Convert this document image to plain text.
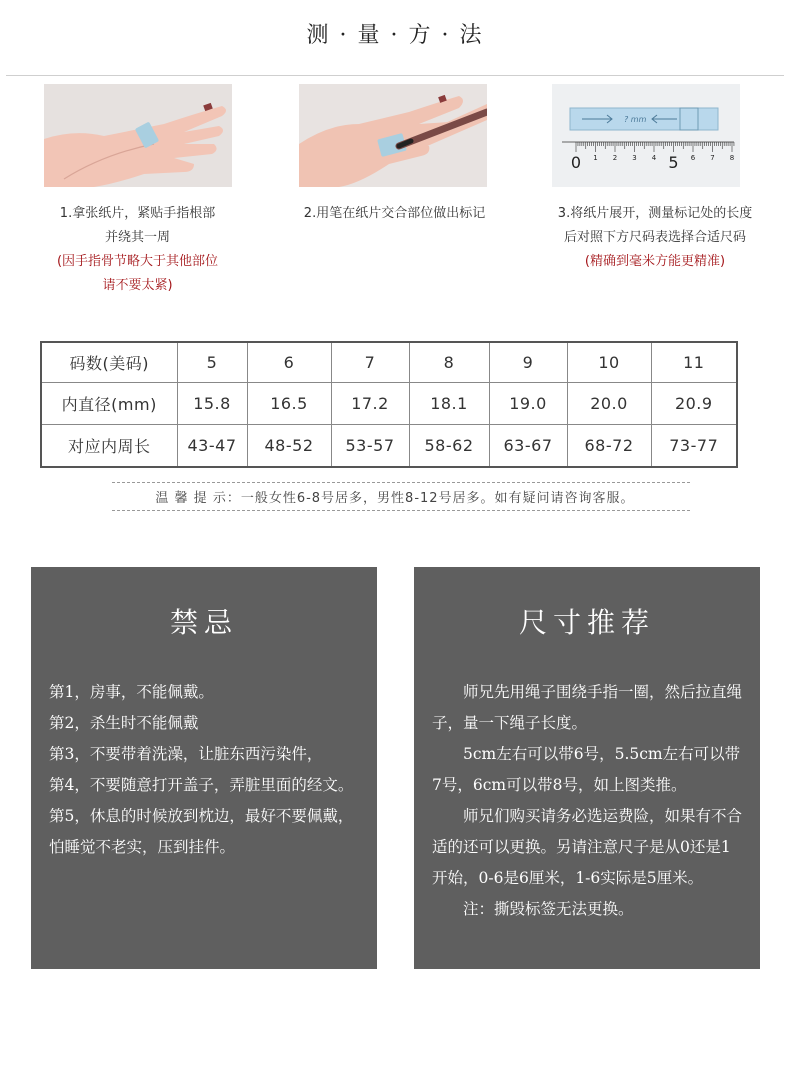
测 · 量 · 方 · 法
? mm
0 1 2 3 4 5 6 7 8
1.拿张纸片，紧贴手指根部
并绕其一周
(因手指骨节略大于其他部位
请不要太紧)
2.用笔在纸片交合部位做出标记	3.将纸片展开，测量标记处的长度
后对照下方尺码表选择合适尺码
(精确到毫米方能更精准)
码数(美码)	5	6	7	8	9	10	11
内直径(mm)	15.8	16.5	17.2	18.1	19.0	20.0	20.9
对应内周长	43-47	48-52	53-57	58-62	63-67	68-72	73-77
温 馨 提 示：一般女性6-8号居多，男性8-12号居多。如有疑问请咨询客服。
禁忌

第1，房事，不能佩戴。

第2，杀生时不能佩戴

第3，不要带着洗澡，让脏东西污染件，

第4，不要随意打开盖子，弄脏里面的经文。

第5，休息的时候放到枕边，最好不要佩戴，怕睡觉不老实，压到挂件。

尺寸推荐

师兄先用绳子围绕手指一圈，然后拉直绳子，量一下绳子长度。

5cm左右可以带6号，5.5cm左右可以带7号，6cm可以带8号，如上图类推。

师兄们购买请务必选运费险，如果有不合适的还可以更换。另请注意尺子是从0还是1开始，0-6是6厘米，1-6实际是5厘米。

注：撕毁标签无法更换。
